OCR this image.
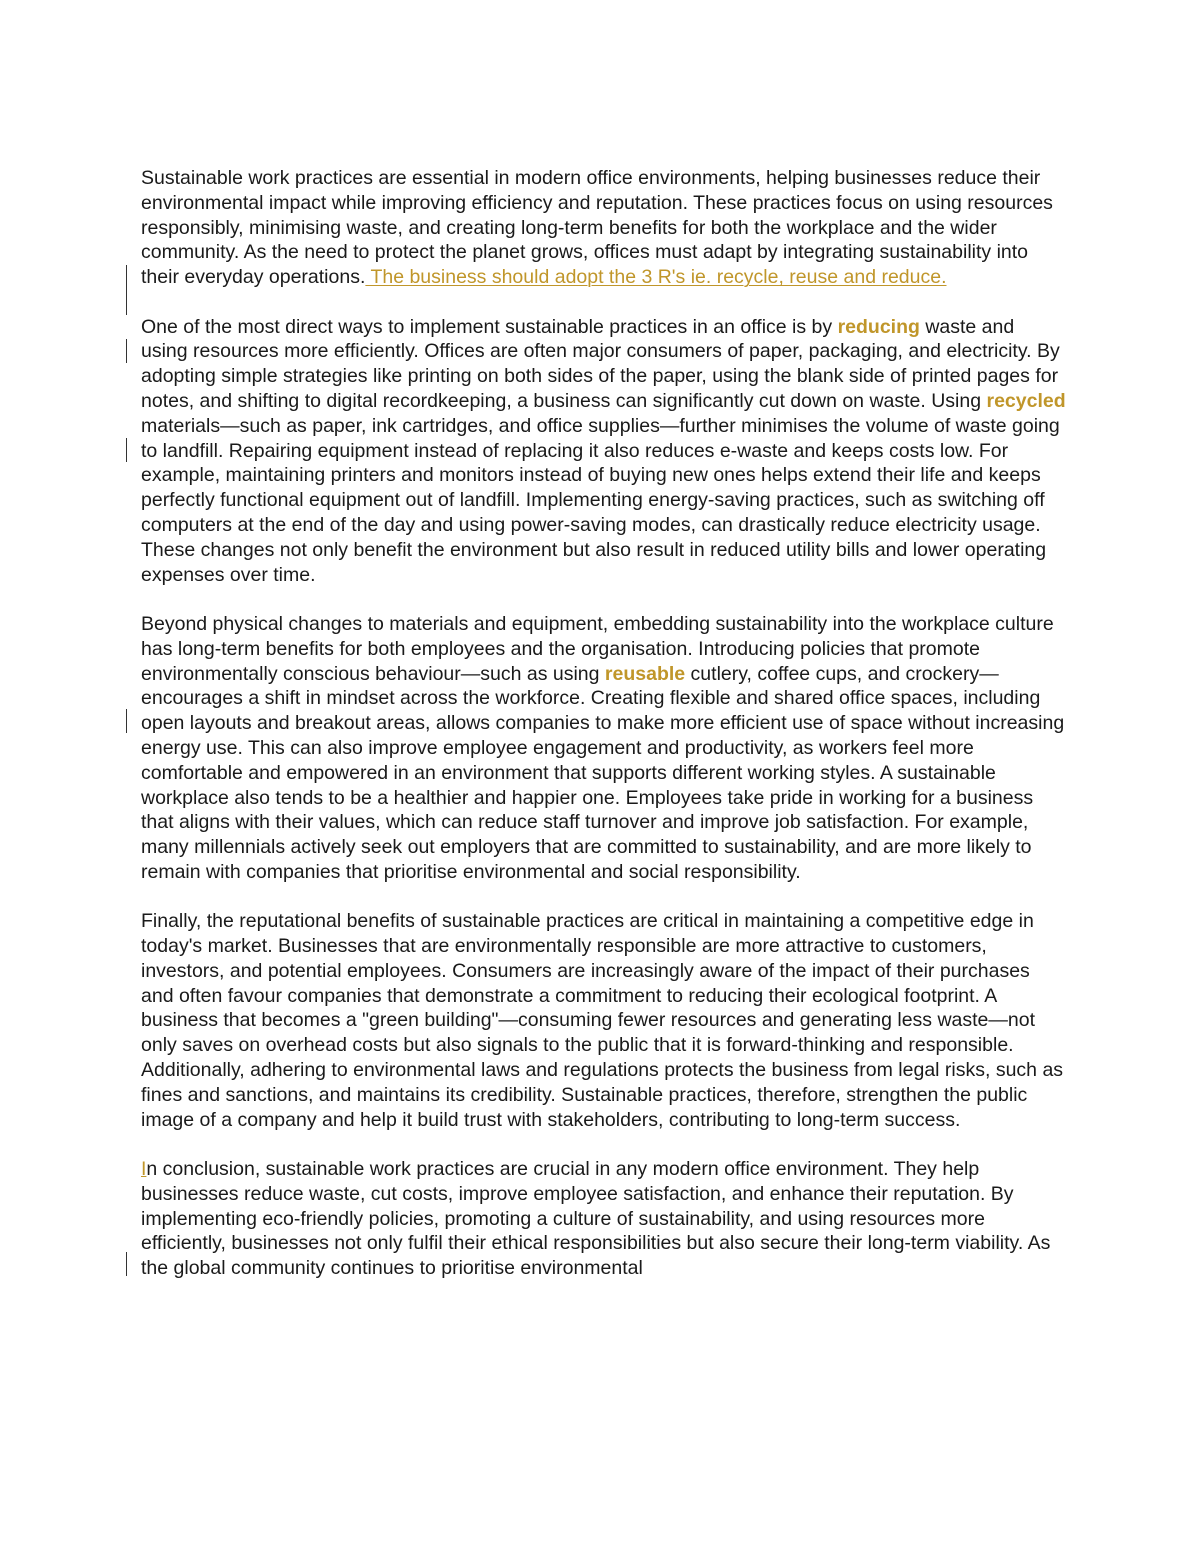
Sustainable work practices are essential in modern office environments, helping businesses reduce their environmental impact while improving efficiency and reputation. These practices focus on using resources responsibly, minimising waste, and creating long-term benefits for both the workplace and the wider community. As the need to protect the planet grows, offices must adapt by integrating sustainability into their everyday operations. The business should adopt the 3 R's ie. recycle, reuse and reduce.

One of the most direct ways to implement sustainable practices in an office is by reducing waste and using resources more efficiently. Offices are often major consumers of paper, packaging, and electricity. By adopting simple strategies like printing on both sides of the paper, using the blank side of printed pages for notes, and shifting to digital recordkeeping, a business can significantly cut down on waste. Using recycled materials—such as paper, ink cartridges, and office supplies—further minimises the volume of waste going to landfill. Repairing equipment instead of replacing it also reduces e-waste and keeps costs low. For example, maintaining printers and monitors instead of buying new ones helps extend their life and keeps perfectly functional equipment out of landfill. Implementing energy-saving practices, such as switching off computers at the end of the day and using power-saving modes, can drastically reduce electricity usage. These changes not only benefit the environment but also result in reduced utility bills and lower operating expenses over time.

Beyond physical changes to materials and equipment, embedding sustainability into the workplace culture has long-term benefits for both employees and the organisation. Introducing policies that promote environmentally conscious behaviour—such as using reusable cutlery, coffee cups, and crockery—encourages a shift in mindset across the workforce. Creating flexible and shared office spaces, including open layouts and breakout areas, allows companies to make more efficient use of space without increasing energy use. This can also improve employee engagement and productivity, as workers feel more comfortable and empowered in an environment that supports different working styles. A sustainable workplace also tends to be a healthier and happier one. Employees take pride in working for a business that aligns with their values, which can reduce staff turnover and improve job satisfaction. For example, many millennials actively seek out employers that are committed to sustainability, and are more likely to remain with companies that prioritise environmental and social responsibility.

Finally, the reputational benefits of sustainable practices are critical in maintaining a competitive edge in today's market. Businesses that are environmentally responsible are more attractive to customers, investors, and potential employees. Consumers are increasingly aware of the impact of their purchases and often favour companies that demonstrate a commitment to reducing their ecological footprint. A business that becomes a "green building"—consuming fewer resources and generating less waste—not only saves on overhead costs but also signals to the public that it is forward-thinking and responsible. Additionally, adhering to environmental laws and regulations protects the business from legal risks, such as fines and sanctions, and maintains its credibility. Sustainable practices, therefore, strengthen the public image of a company and help it build trust with stakeholders, contributing to long-term success.

In conclusion, sustainable work practices are crucial in any modern office environment. They help businesses reduce waste, cut costs, improve employee satisfaction, and enhance their reputation. By implementing eco-friendly policies, promoting a culture of sustainability, and using resources more efficiently, businesses not only fulfil their ethical responsibilities but also secure their long-term viability. As the global community continues to prioritise environmental
